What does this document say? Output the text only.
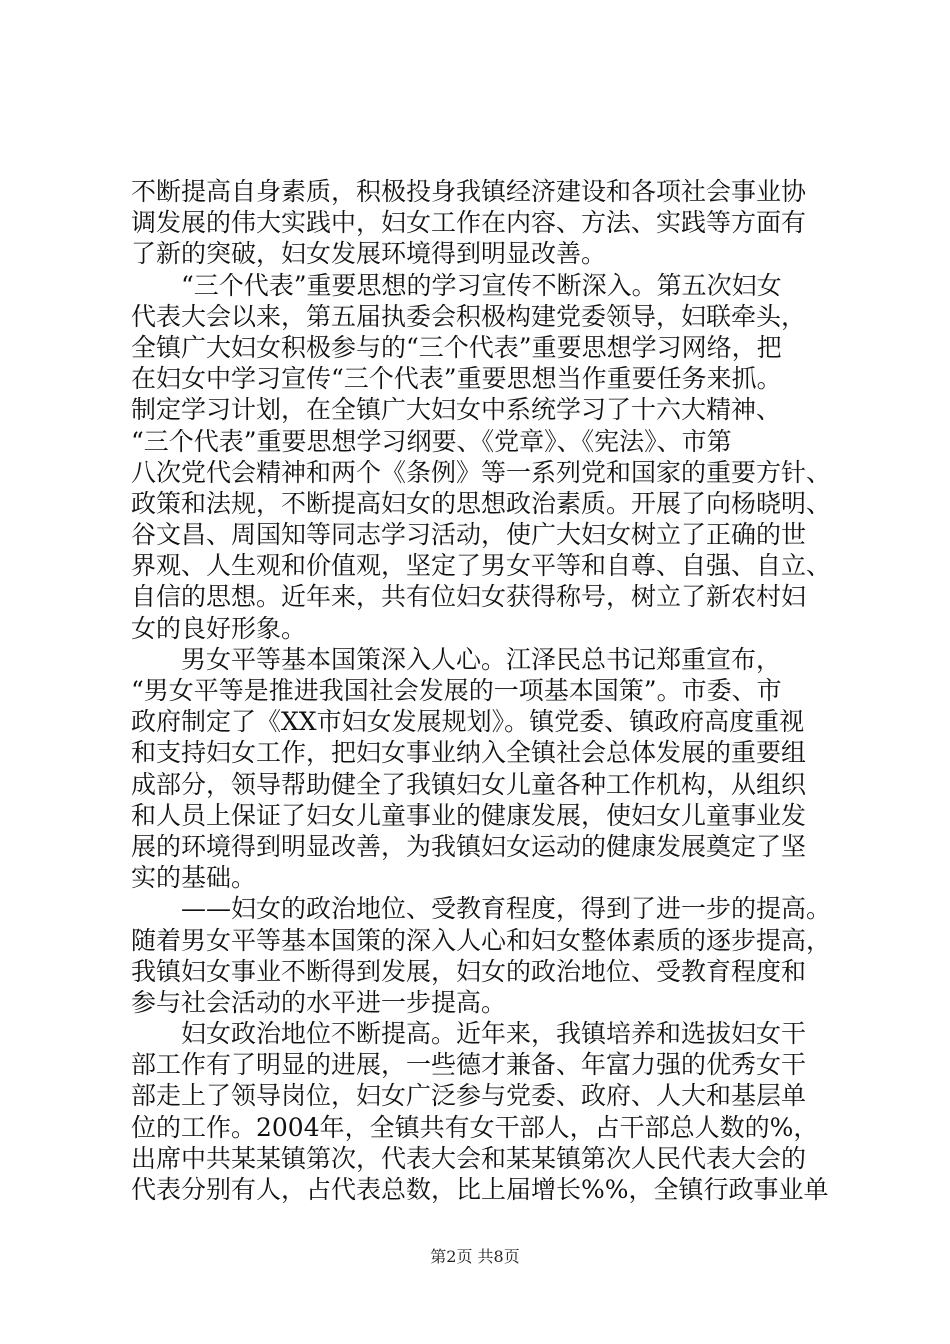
不断提高自身素质，积极投身我镇经济建设和各项社会事业协
调发展的伟大实践中，妇女工作在内容、方法、实践等方面有
了新的突破，妇女发展环境得到明显改善。
“三个代表”重要思想的学习宣传不断深入。第五次妇女
代表大会以来，第五届执委会积极构建党委领导，妇联牵头，
全镇广大妇女积极参与的“三个代表”重要思想学习网络，把
在妇女中学习宣传“三个代表”重要思想当作重要任务来抓。
制定学习计划，在全镇广大妇女中系统学习了十六大精神、
“三个代表”重要思想学习纲要、《党章》、《宪法》、市第
八次党代会精神和两个《条例》等一系列党和国家的重要方针、
政策和法规，不断提高妇女的思想政治素质。开展了向杨晓明、
谷文昌、周国知等同志学习活动，使广大妇女树立了正确的世
界观、人生观和价值观，坚定了男女平等和自尊、自强、自立、
自信的思想。近年来，共有位妇女获得称号，树立了新农村妇
女的良好形象。
男女平等基本国策深入人心。江泽民总书记郑重宣布，
“男女平等是推进我国社会发展的一项基本国策”。市委、市
政府制定了《XX市妇女发展规划》。镇党委、镇政府高度重视
和支持妇女工作，把妇女事业纳入全镇社会总体发展的重要组
成部分，领导帮助健全了我镇妇女儿童各种工作机构，从组织
和人员上保证了妇女儿童事业的健康发展，使妇女儿童事业发
展的环境得到明显改善，为我镇妇女运动的健康发展奠定了坚
实的基础。
——妇女的政治地位、受教育程度，得到了进一步的提高。
随着男女平等基本国策的深入人心和妇女整体素质的逐步提高，
我镇妇女事业不断得到发展，妇女的政治地位、受教育程度和
参与社会活动的水平进一步提高。
妇女政治地位不断提高。近年来，我镇培养和选拔妇女干
部工作有了明显的进展，一些德才兼备、年富力强的优秀女干
部走上了领导岗位，妇女广泛参与党委、政府、人大和基层单
位的工作。2004年，全镇共有女干部人，占干部总人数的%，
出席中共某某镇第次，代表大会和某某镇第次人民代表大会的
代表分别有人，占代表总数，比上届增长%%，全镇行政事业单
第2页 共8页
